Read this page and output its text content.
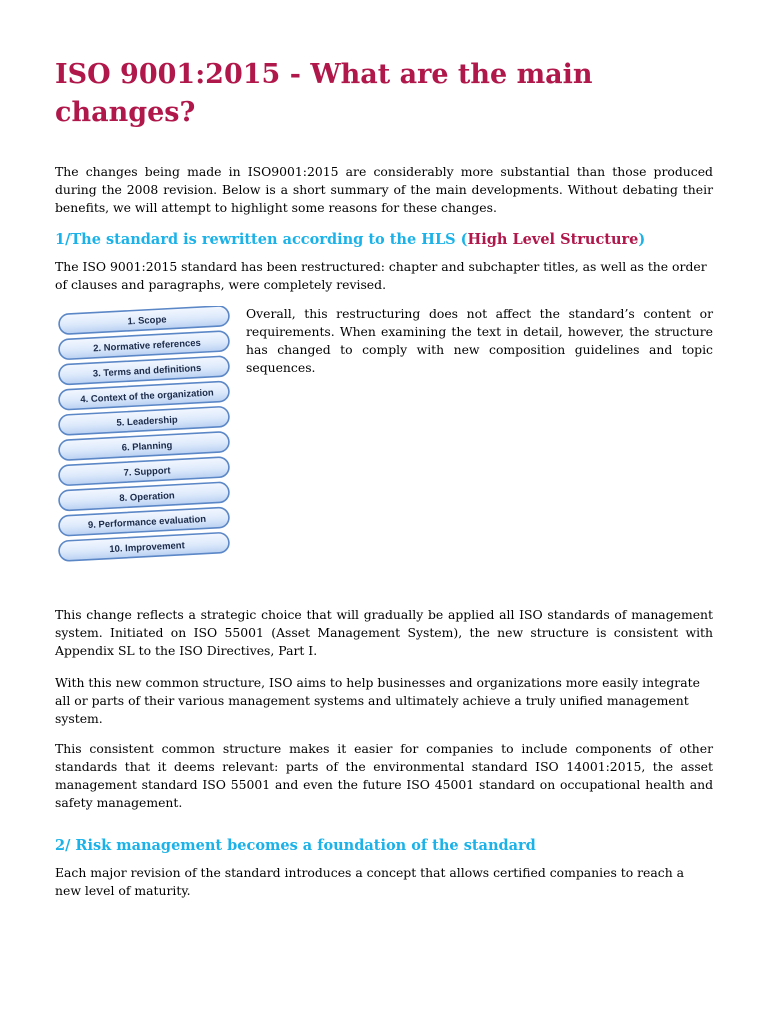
ISO 9001:2015 - What are the main changes?

The changes being made in ISO9001:2015 are considerably more substantial than those produced during the 2008 revision. Below is a short summary of the main developments. Without debating their benefits, we will attempt to highlight some reasons for these changes.

1/The standard is rewritten according to the HLS (High Level Structure)

The ISO 9001:2015 standard has been restructured: chapter and subchapter titles, as well as the order of clauses and paragraphs, were completely revised.

1. Scope
2. Normative references
3. Terms and definitions
4. Context of the organization
5. Leadership
6. Planning
7. Support
8. Operation
9. Performance evaluation
10. Improvement

Overall, this restructuring does not affect the standard’s content or requirements. When examining the text in detail, however, the structure has changed to comply with new composition guidelines and topic sequences.

This change reflects a strategic choice that will gradually be applied all ISO standards of management system. Initiated on ISO 55001 (Asset Management System), the new structure is consistent with Appendix SL to the ISO Directives, Part I.

With this new common structure, ISO aims to help businesses and organizations more easily integrate all or parts of their various management systems and ultimately achieve a truly unified management system.

This consistent common structure makes it easier for companies to include components of other standards that it deems relevant: parts of the environmental standard ISO 14001:2015, the asset management standard ISO 55001 and even the future ISO 45001 standard on occupational health and safety management.

2/ Risk management becomes a foundation of the standard

Each major revision of the standard introduces a concept that allows certified companies to reach a new level of maturity.
